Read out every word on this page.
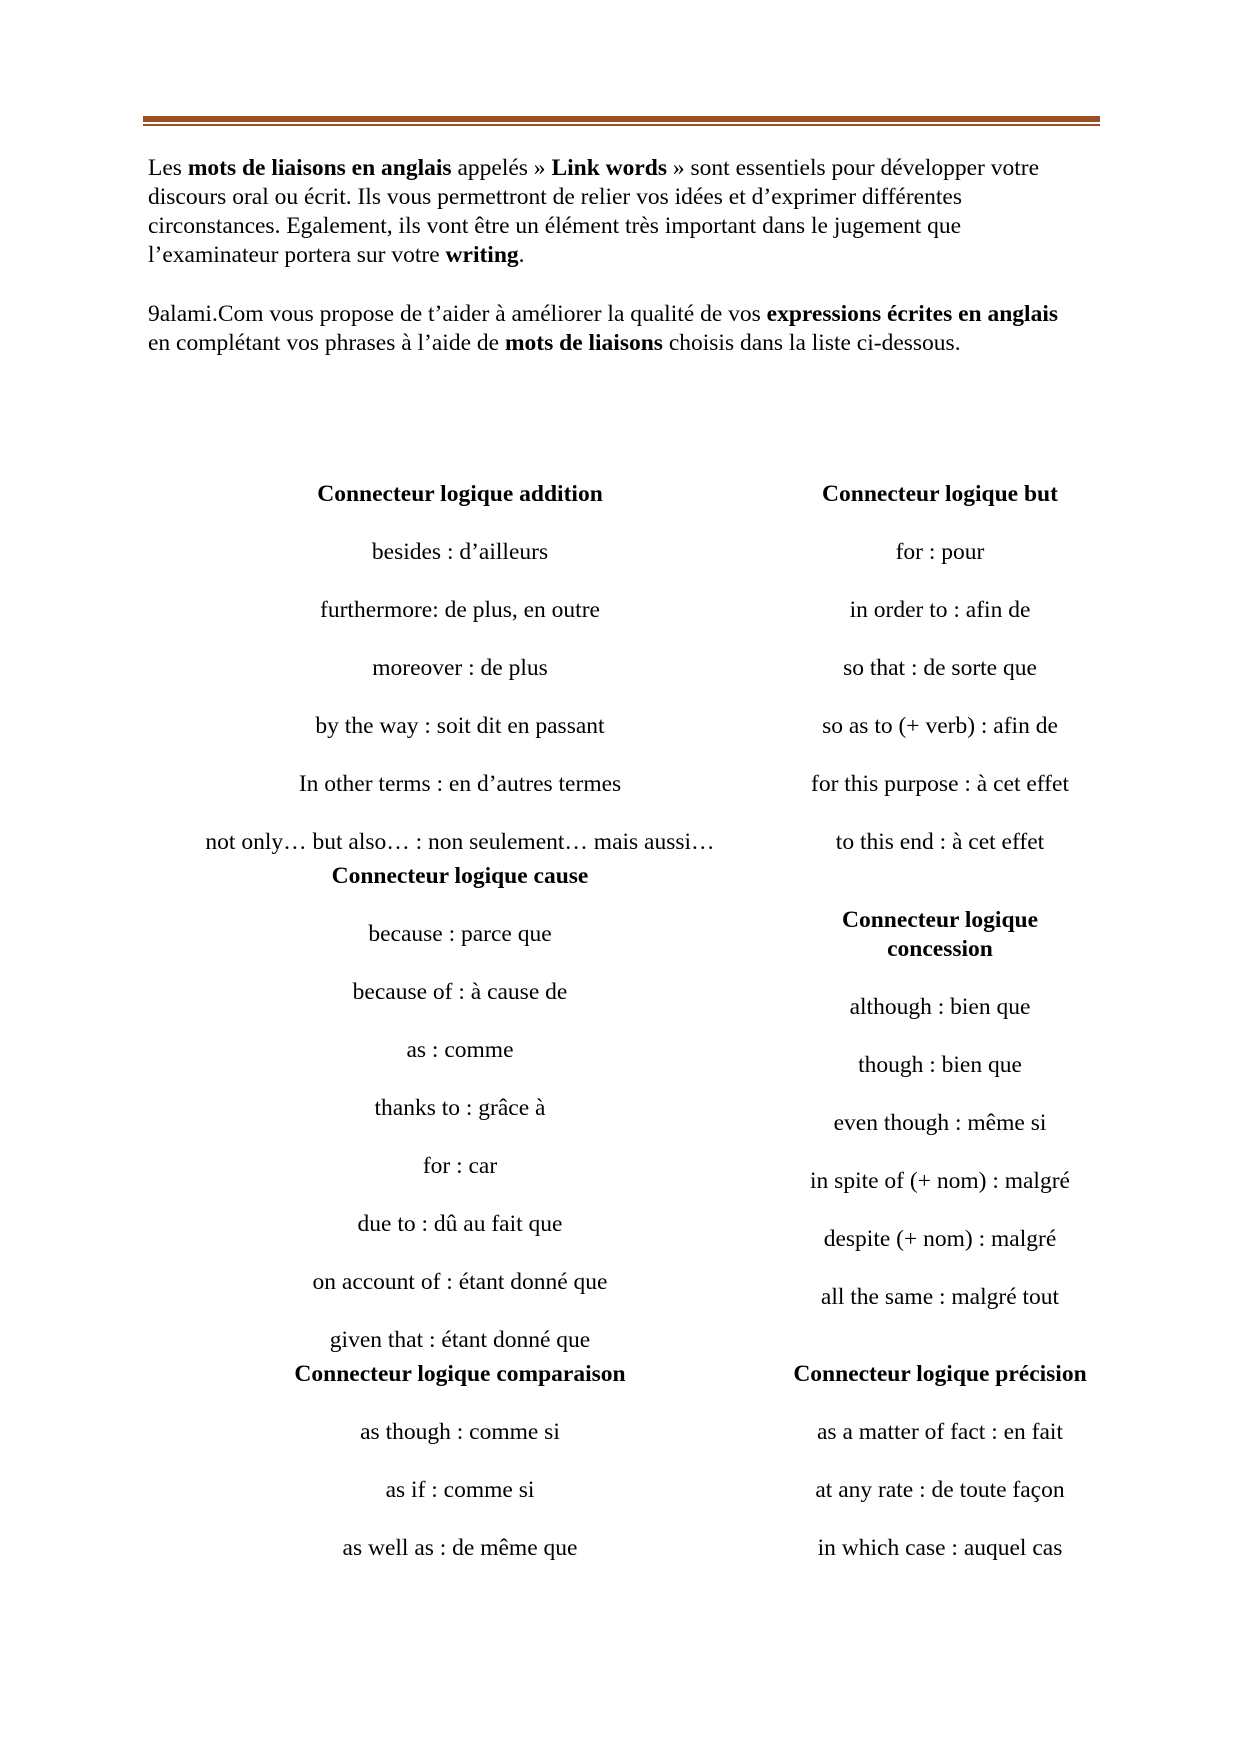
Les mots de liaisons en anglais appelés » Link words » sont essentiels pour développer votre discours oral ou écrit. Ils vous permettront de relier vos idées et d’exprimer différentes circonstances. Egalement, ils vont être un élément très important dans le jugement que l’examinateur portera sur votre writing.

9alami.Com vous propose de t’aider à améliorer la qualité de vos expressions écrites en anglais en complétant vos phrases à l’aide de mots de liaisons choisis dans la liste ci-dessous.

Connecteur logique addition
besides : d’ailleurs
furthermore: de plus, en outre
moreover : de plus
by the way : soit dit en passant
In other terms : en d’autres termes
not only… but also… : non seulement… mais aussi…
Connecteur logique cause
because : parce que
because of : à cause de
as : comme
thanks to : grâce à
for : car
due to : dû au fait que
on account of : étant donné que
given that : étant donné que
Connecteur logique comparaison
as though : comme si
as if : comme si
as well as : de même que
Connecteur logique but
for : pour
in order to : afin de
so that : de sorte que
so as to (+ verb) : afin de
for this purpose : à cet effet
to this end : à cet effet
Connecteur logique concession
although : bien que
though : bien que
even though : même si
in spite of (+ nom) : malgré
despite (+ nom) : malgré
all the same : malgré tout
Connecteur logique précision
as a matter of fact : en fait
at any rate : de toute façon
in which case : auquel cas
